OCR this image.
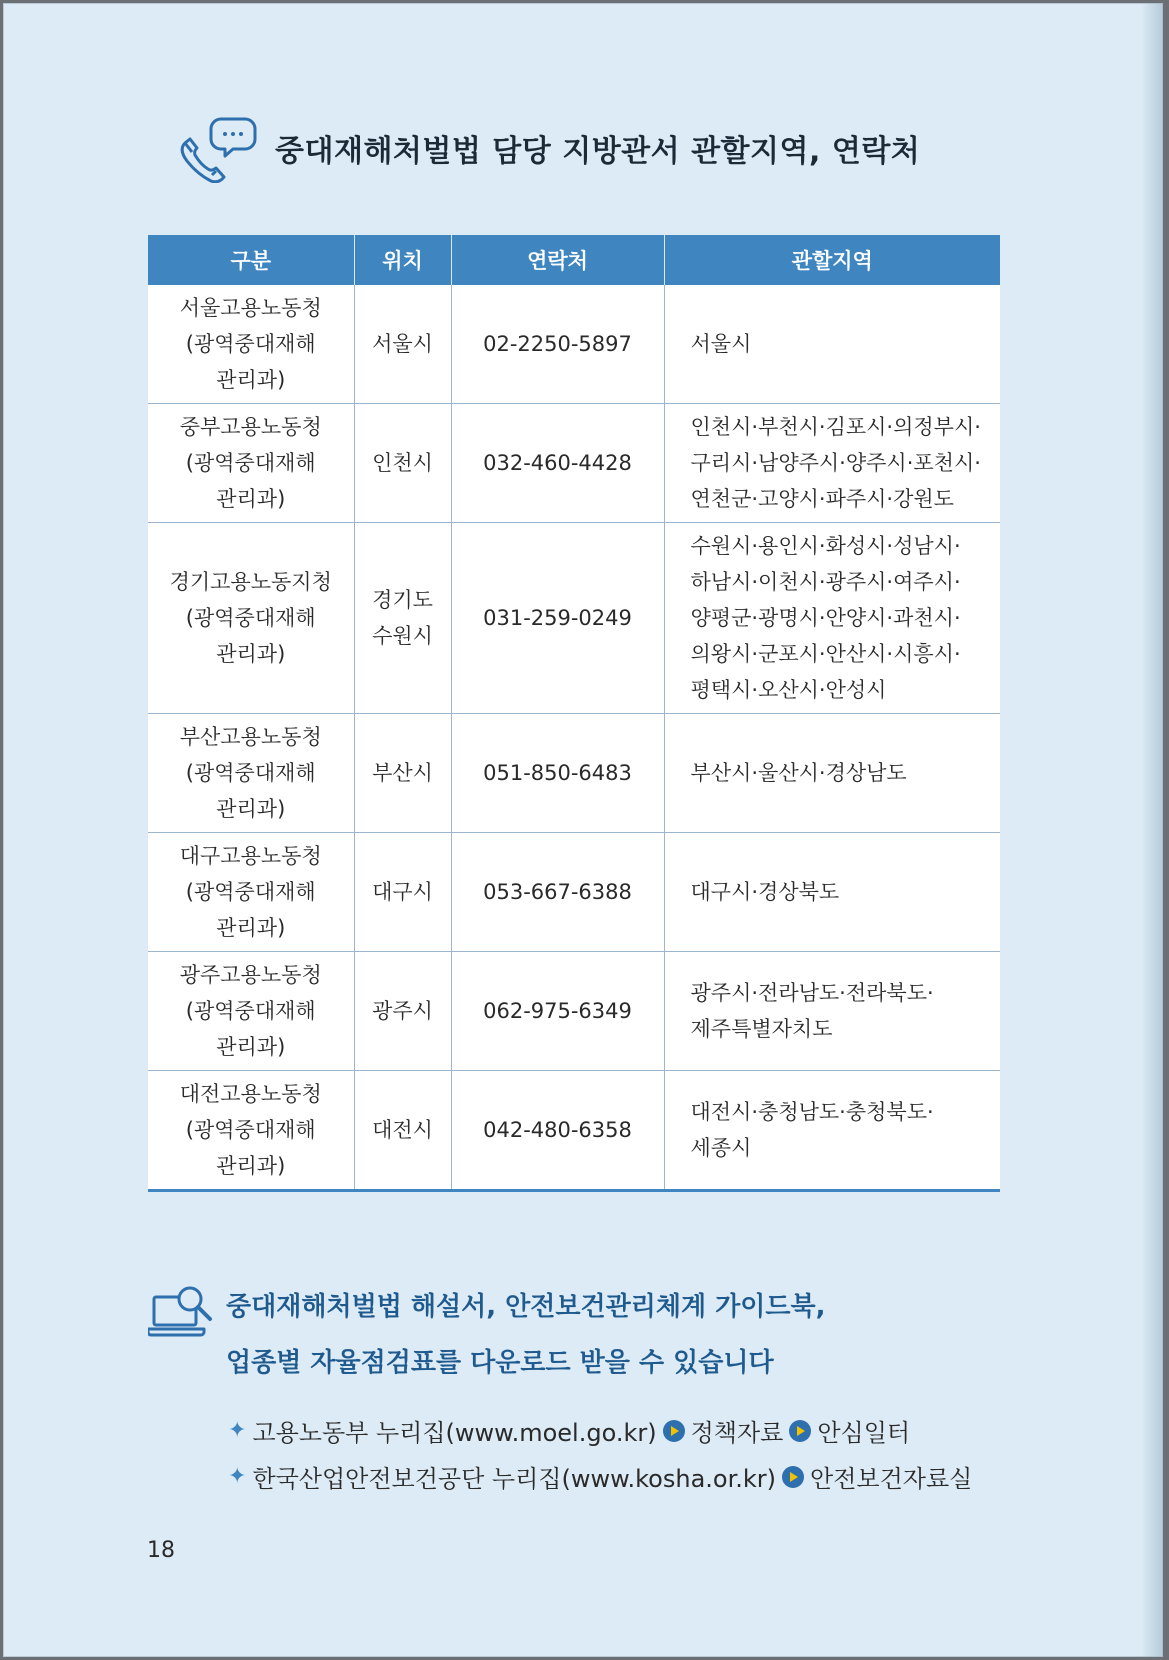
중대재해처벌법 담당 지방관서 관할지역, 연락처
구분	위치	연락처	관할지역

서울고용노동청
(광역중대재해
관리과)	서울시	02-2250-5897	서울시

중부고용노동청
(광역중대재해
관리과)	인천시	032-460-4428	인천시·부천시·김포시·의정부시·
구리시·남양주시·양주시·포천시·
연천군·고양시·파주시·강원도

경기고용노동지청
(광역중대재해
관리과)	경기도
수원시	031-259-0249	수원시·용인시·화성시·성남시·
하남시·이천시·광주시·여주시·
양평군·광명시·안양시·과천시·
의왕시·군포시·안산시·시흥시·
평택시·오산시·안성시

부산고용노동청
(광역중대재해
관리과)	부산시	051-850-6483	부산시·울산시·경상남도

대구고용노동청
(광역중대재해
관리과)	대구시	053-667-6388	대구시·경상북도

광주고용노동청
(광역중대재해
관리과)	광주시	062-975-6349	광주시·전라남도·전라북도·
제주특별자치도

대전고용노동청
(광역중대재해
관리과)	대전시	042-480-6358	대전시·충청남도·충청북도·
세종시
중대재해처벌법 해설서, 안전보건관리체계 가이드북,
업종별 자율점검표를 다운로드 받을 수 있습니다
✦ 고용노동부 누리집(www.moel.go.kr) 정책자료 안심일터
✦ 한국산업안전보건공단 누리집(www.kosha.or.kr) 안전보건자료실
18
